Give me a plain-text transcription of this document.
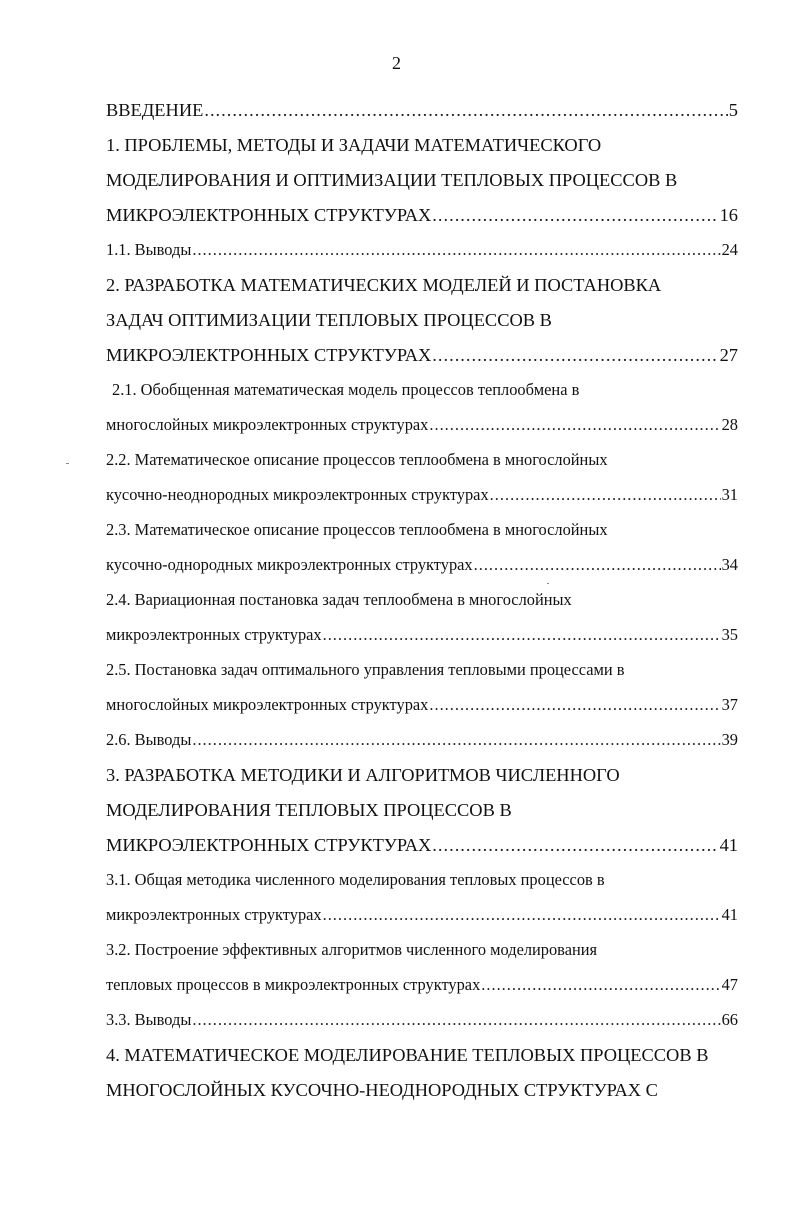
2
ВВЕДЕНИЕ .....	5
1. ПРОБЛЕМЫ, МЕТОДЫ И ЗАДАЧИ МАТЕМАТИЧЕСКОГО
МОДЕЛИРОВАНИЯ И ОПТИМИЗАЦИИ ТЕПЛОВЫХ ПРОЦЕССОВ В
МИКРОЭЛЕКТРОННЫХ СТРУКТУРАХ .....	16
1.1. Выводы .....	24
2. РАЗРАБОТКА МАТЕМАТИЧЕСКИХ МОДЕЛЕЙ И ПОСТАНОВКА
ЗАДАЧ ОПТИМИЗАЦИИ ТЕПЛОВЫХ ПРОЦЕССОВ В
МИКРОЭЛЕКТРОННЫХ СТРУКТУРАХ .....	27
2.1. Обобщенная математическая модель процессов теплообмена в
многослойных микроэлектронных структурах .....	28
2.2. Математическое описание процессов теплообмена в многослойных
кусочно-неоднородных микроэлектронных структурах .....	31
2.3. Математическое описание процессов теплообмена в многослойных
кусочно-однородных микроэлектронных структурах .....	34
2.4. Вариационная постановка задач теплообмена в многослойных
микроэлектронных структурах .....	35
2.5. Постановка задач оптимального управления тепловыми процессами в
многослойных микроэлектронных структурах .....	37
2.6. Выводы .....	39
3. РАЗРАБОТКА МЕТОДИКИ И АЛГОРИТМОВ ЧИСЛЕННОГО
МОДЕЛИРОВАНИЯ ТЕПЛОВЫХ ПРОЦЕССОВ В
МИКРОЭЛЕКТРОННЫХ СТРУКТУРАХ .....	41
3.1. Общая методика численного моделирования тепловых процессов в
микроэлектронных структурах .....	41
3.2. Построение эффективных алгоритмов численного моделирования
тепловых процессов в микроэлектронных структурах .....	47
3.3. Выводы .....	66
4. МАТЕМАТИЧЕСКОЕ МОДЕЛИРОВАНИЕ ТЕПЛОВЫХ ПРОЦЕССОВ В
МНОГОСЛОЙНЫХ КУСОЧНО-НЕОДНОРОДНЫХ СТРУКТУРАХ С
